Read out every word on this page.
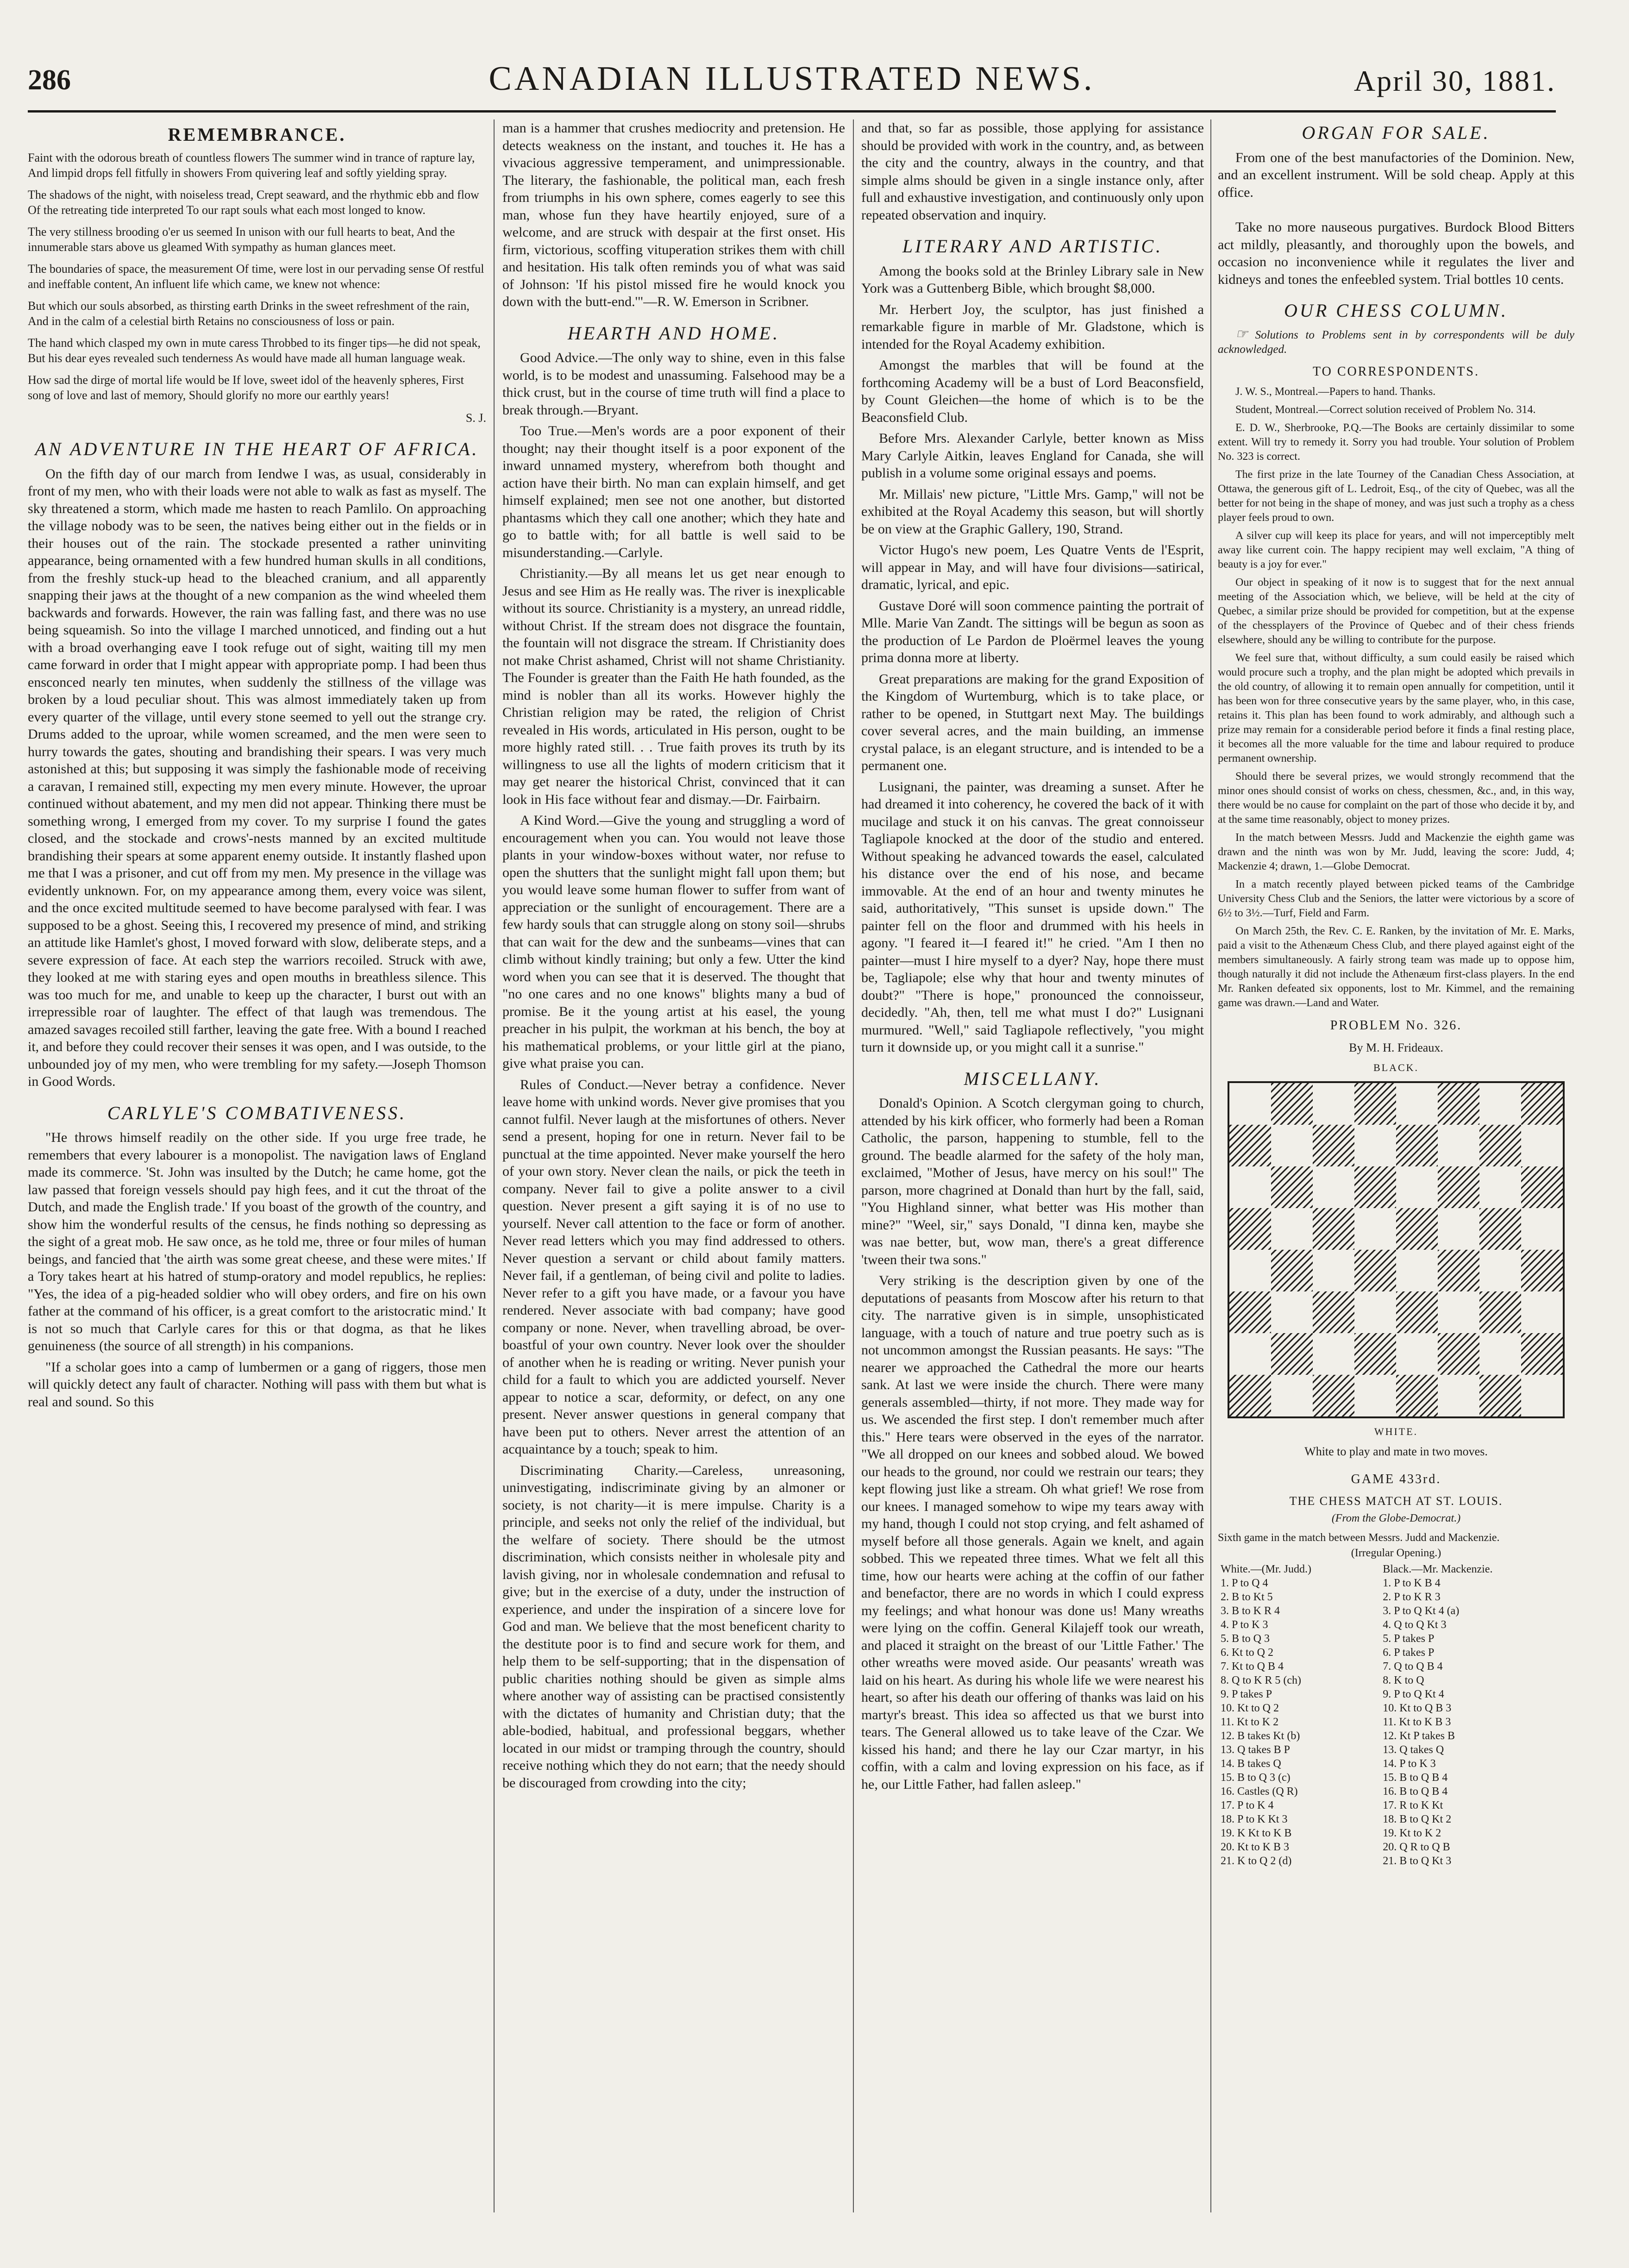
286	CANADIAN ILLUSTRATED NEWS.	April 30, 1881.
REMEMBRANCE.

Faint with the odorous breath of countless flowers The summer wind in trance of rapture lay, And limpid drops fell fitfully in showers From quivering leaf and softly yielding spray.

The shadows of the night, with noiseless tread, Crept seaward, and the rhythmic ebb and flow Of the retreating tide interpreted To our rapt souls what each most longed to know.

The very stillness brooding o'er us seemed In unison with our full hearts to beat, And the innumerable stars above us gleamed With sympathy as human glances meet.

The boundaries of space, the measurement Of time, were lost in our pervading sense Of restful and ineffable content, An influent life which came, we knew not whence:

But which our souls absorbed, as thirsting earth Drinks in the sweet refreshment of the rain, And in the calm of a celestial birth Retains no consciousness of loss or pain.

The hand which clasped my own in mute caress Throbbed to its finger tips—he did not speak, But his dear eyes revealed such tenderness As would have made all human language weak.

How sad the dirge of mortal life would be If love, sweet idol of the heavenly spheres, First song of love and last of memory, Should glorify no more our earthly years!

S. J.
AN ADVENTURE IN THE HEART OF AFRICA.

On the fifth day of our march from Iendwe I was, as usual, considerably in front of my men, who with their loads were not able to walk as fast as myself. The sky threatened a storm, which made me hasten to reach Pamlilo. On approaching the village nobody was to be seen, the natives being either out in the fields or in their houses out of the rain. The stockade presented a rather uninviting appearance, being ornamented with a few hundred human skulls in all conditions, from the freshly stuck-up head to the bleached cranium, and all apparently snapping their jaws at the thought of a new companion as the wind wheeled them backwards and forwards. However, the rain was falling fast, and there was no use being squeamish. So into the village I marched unnoticed, and finding out a hut with a broad overhanging eave I took refuge out of sight, waiting till my men came forward in order that I might appear with appropriate pomp. I had been thus ensconced nearly ten minutes, when suddenly the stillness of the village was broken by a loud peculiar shout. This was almost immediately taken up from every quarter of the village, until every stone seemed to yell out the strange cry. Drums added to the uproar, while women screamed, and the men were seen to hurry towards the gates, shouting and brandishing their spears. I was very much astonished at this; but supposing it was simply the fashionable mode of receiving a caravan, I remained still, expecting my men every minute. However, the uproar continued without abatement, and my men did not appear. Thinking there must be something wrong, I emerged from my cover. To my surprise I found the gates closed, and the stockade and crows'-nests manned by an excited multitude brandishing their spears at some apparent enemy outside. It instantly flashed upon me that I was a prisoner, and cut off from my men. My presence in the village was evidently unknown. For, on my appearance among them, every voice was silent, and the once excited multitude seemed to have become paralysed with fear. I was supposed to be a ghost. Seeing this, I recovered my presence of mind, and striking an attitude like Hamlet's ghost, I moved forward with slow, deliberate steps, and a severe expression of face. At each step the warriors recoiled. Struck with awe, they looked at me with staring eyes and open mouths in breathless silence. This was too much for me, and unable to keep up the character, I burst out with an irrepressible roar of laughter. The effect of that laugh was tremendous. The amazed savages recoiled still farther, leaving the gate free. With a bound I reached it, and before they could recover their senses it was open, and I was outside, to the unbounded joy of my men, who were trembling for my safety.—Joseph Thomson in Good Words.

CARLYLE'S COMBATIVENESS.

"He throws himself readily on the other side. If you urge free trade, he remembers that every labourer is a monopolist. The navigation laws of England made its commerce. 'St. John was insulted by the Dutch; he came home, got the law passed that foreign vessels should pay high fees, and it cut the throat of the Dutch, and made the English trade.' If you boast of the growth of the country, and show him the wonderful results of the census, he finds nothing so depressing as the sight of a great mob. He saw once, as he told me, three or four miles of human beings, and fancied that 'the airth was some great cheese, and these were mites.' If a Tory takes heart at his hatred of stump-oratory and model republics, he replies: "Yes, the idea of a pig-headed soldier who will obey orders, and fire on his own father at the command of his officer, is a great comfort to the aristocratic mind.' It is not so much that Carlyle cares for this or that dogma, as that he likes genuineness (the source of all strength) in his companions.

"If a scholar goes into a camp of lumbermen or a gang of riggers, those men will quickly detect any fault of character. Nothing will pass with them but what is real and sound. So this

man is a hammer that crushes mediocrity and pretension. He detects weakness on the instant, and touches it. He has a vivacious aggressive temperament, and unimpressionable. The literary, the fashionable, the political man, each fresh from triumphs in his own sphere, comes eagerly to see this man, whose fun they have heartily enjoyed, sure of a welcome, and are struck with despair at the first onset. His firm, victorious, scoffing vituperation strikes them with chill and hesitation. His talk often reminds you of what was said of Johnson: 'If his pistol missed fire he would knock you down with the butt-end.'"—R. W. Emerson in Scribner.

HEARTH AND HOME.

Good Advice.—The only way to shine, even in this false world, is to be modest and unassuming. Falsehood may be a thick crust, but in the course of time truth will find a place to break through.—Bryant.

Too True.—Men's words are a poor exponent of their thought; nay their thought itself is a poor exponent of the inward unnamed mystery, wherefrom both thought and action have their birth. No man can explain himself, and get himself explained; men see not one another, but distorted phantasms which they call one another; which they hate and go to battle with; for all battle is well said to be misunderstanding.—Carlyle.

Christianity.—By all means let us get near enough to Jesus and see Him as He really was. The river is inexplicable without its source. Christianity is a mystery, an unread riddle, without Christ. If the stream does not disgrace the fountain, the fountain will not disgrace the stream. If Christianity does not make Christ ashamed, Christ will not shame Christianity. The Founder is greater than the Faith He hath founded, as the mind is nobler than all its works. However highly the Christian religion may be rated, the religion of Christ revealed in His words, articulated in His person, ought to be more highly rated still. . . True faith proves its truth by its willingness to use all the lights of modern criticism that it may get nearer the historical Christ, convinced that it can look in His face without fear and dismay.—Dr. Fairbairn.

A Kind Word.—Give the young and struggling a word of encouragement when you can. You would not leave those plants in your window-boxes without water, nor refuse to open the shutters that the sunlight might fall upon them; but you would leave some human flower to suffer from want of appreciation or the sunlight of encouragement. There are a few hardy souls that can struggle along on stony soil—shrubs that can wait for the dew and the sunbeams—vines that can climb without kindly training; but only a few. Utter the kind word when you can see that it is deserved. The thought that "no one cares and no one knows" blights many a bud of promise. Be it the young artist at his easel, the young preacher in his pulpit, the workman at his bench, the boy at his mathematical problems, or your little girl at the piano, give what praise you can.

Rules of Conduct.—Never betray a confidence. Never leave home with unkind words. Never give promises that you cannot fulfil. Never laugh at the misfortunes of others. Never send a present, hoping for one in return. Never fail to be punctual at the time appointed. Never make yourself the hero of your own story. Never clean the nails, or pick the teeth in company. Never fail to give a polite answer to a civil question. Never present a gift saying it is of no use to yourself. Never call attention to the face or form of another. Never read letters which you may find addressed to others. Never question a servant or child about family matters. Never fail, if a gentleman, of being civil and polite to ladies. Never refer to a gift you have made, or a favour you have rendered. Never associate with bad company; have good company or none. Never, when travelling abroad, be over-boastful of your own country. Never look over the shoulder of another when he is reading or writing. Never punish your child for a fault to which you are addicted yourself. Never appear to notice a scar, deformity, or defect, on any one present. Never answer questions in general company that have been put to others. Never arrest the attention of an acquaintance by a touch; speak to him.

Discriminating Charity.—Careless, unreasoning, uninvestigating, indiscriminate giving by an almoner or society, is not charity—it is mere impulse. Charity is a principle, and seeks not only the relief of the individual, but the welfare of society. There should be the utmost discrimination, which consists neither in wholesale pity and lavish giving, nor in wholesale condemnation and refusal to give; but in the exercise of a duty, under the instruction of experience, and under the inspiration of a sincere love for God and man. We believe that the most beneficent charity to the destitute poor is to find and secure work for them, and help them to be self-supporting; that in the dispensation of public charities nothing should be given as simple alms where another way of assisting can be practised consistently with the dictates of humanity and Christian duty; that the able-bodied, habitual, and professional beggars, whether located in our midst or tramping through the country, should receive nothing which they do not earn; that the needy should be discouraged from crowding into the city;

and that, so far as possible, those applying for assistance should be provided with work in the country, and, as between the city and the country, always in the country, and that simple alms should be given in a single instance only, after full and exhaustive investigation, and continuously only upon repeated observation and inquiry.

LITERARY AND ARTISTIC.

Among the books sold at the Brinley Library sale in New York was a Guttenberg Bible, which brought $8,000.

Mr. Herbert Joy, the sculptor, has just finished a remarkable figure in marble of Mr. Gladstone, which is intended for the Royal Academy exhibition.

Amongst the marbles that will be found at the forthcoming Academy will be a bust of Lord Beaconsfield, by Count Gleichen—the home of which is to be the Beaconsfield Club.

Before Mrs. Alexander Carlyle, better known as Miss Mary Carlyle Aitkin, leaves England for Canada, she will publish in a volume some original essays and poems.

Mr. Millais' new picture, "Little Mrs. Gamp," will not be exhibited at the Royal Academy this season, but will shortly be on view at the Graphic Gallery, 190, Strand.

Victor Hugo's new poem, Les Quatre Vents de l'Esprit, will appear in May, and will have four divisions—satirical, dramatic, lyrical, and epic.

Gustave Doré will soon commence painting the portrait of Mlle. Marie Van Zandt. The sittings will be begun as soon as the production of Le Pardon de Ploërmel leaves the young prima donna more at liberty.

Great preparations are making for the grand Exposition of the Kingdom of Wurtemburg, which is to take place, or rather to be opened, in Stuttgart next May. The buildings cover several acres, and the main building, an immense crystal palace, is an elegant structure, and is intended to be a permanent one.

Lusignani, the painter, was dreaming a sunset. After he had dreamed it into coherency, he covered the back of it with mucilage and stuck it on his canvas. The great connoisseur Tagliapole knocked at the door of the studio and entered. Without speaking he advanced towards the easel, calculated his distance over the end of his nose, and became immovable. At the end of an hour and twenty minutes he said, authoritatively, "This sunset is upside down." The painter fell on the floor and drummed with his heels in agony. "I feared it—I feared it!" he cried. "Am I then no painter—must I hire myself to a dyer? Nay, hope there must be, Tagliapole; else why that hour and twenty minutes of doubt?" "There is hope," pronounced the connoisseur, decidedly. "Ah, then, tell me what must I do?" Lusignani murmured. "Well," said Tagliapole reflectively, "you might turn it downside up, or you might call it a sunrise."

MISCELLANY.

Donald's Opinion. A Scotch clergyman going to church, attended by his kirk officer, who formerly had been a Roman Catholic, the parson, happening to stumble, fell to the ground. The beadle alarmed for the safety of the holy man, exclaimed, "Mother of Jesus, have mercy on his soul!" The parson, more chagrined at Donald than hurt by the fall, said, "You Highland sinner, what better was His mother than mine?" "Weel, sir," says Donald, "I dinna ken, maybe she was nae better, but, wow man, there's a great difference 'tween their twa sons."

Very striking is the description given by one of the deputations of peasants from Moscow after his return to that city. The narrative given is in simple, unsophisticated language, with a touch of nature and true poetry such as is not uncommon amongst the Russian peasants. He says: "The nearer we approached the Cathedral the more our hearts sank. At last we were inside the church. There were many generals assembled—thirty, if not more. They made way for us. We ascended the first step. I don't remember much after this." Here tears were observed in the eyes of the narrator. "We all dropped on our knees and sobbed aloud. We bowed our heads to the ground, nor could we restrain our tears; they kept flowing just like a stream. Oh what grief! We rose from our knees. I managed somehow to wipe my tears away with my hand, though I could not stop crying, and felt ashamed of myself before all those generals. Again we knelt, and again sobbed. This we repeated three times. What we felt all this time, how our hearts were aching at the coffin of our father and benefactor, there are no words in which I could express my feelings; and what honour was done us! Many wreaths were lying on the coffin. General Kilajeff took our wreath, and placed it straight on the breast of our 'Little Father.' The other wreaths were moved aside. Our peasants' wreath was laid on his heart. As during his whole life we were nearest his heart, so after his death our offering of thanks was laid on his martyr's breast. This idea so affected us that we burst into tears. The General allowed us to take leave of the Czar. We kissed his hand; and there he lay our Czar martyr, in his coffin, with a calm and loving expression on his face, as if he, our Little Father, had fallen asleep."

ORGAN FOR SALE.

From one of the best manufactories of the Dominion. New, and an excellent instrument. Will be sold cheap. Apply at this office.

Take no more nauseous purgatives. Burdock Blood Bitters act mildly, pleasantly, and thoroughly upon the bowels, and occasion no inconvenience while it regulates the liver and kidneys and tones the enfeebled system. Trial bottles 10 cents.

OUR CHESS COLUMN.

☞ Solutions to Problems sent in by correspondents will be duly acknowledged.

TO CORRESPONDENTS.

J. W. S., Montreal.—Papers to hand. Thanks.

Student, Montreal.—Correct solution received of Problem No. 314.

E. D. W., Sherbrooke, P.Q.—The Books are certainly dissimilar to some extent. Will try to remedy it. Sorry you had trouble. Your solution of Problem No. 323 is correct.

The first prize in the late Tourney of the Canadian Chess Association, at Ottawa, the generous gift of L. Ledroit, Esq., of the city of Quebec, was all the better for not being in the shape of money, and was just such a trophy as a chess player feels proud to own.

A silver cup will keep its place for years, and will not imperceptibly melt away like current coin. The happy recipient may well exclaim, "A thing of beauty is a joy for ever."

Our object in speaking of it now is to suggest that for the next annual meeting of the Association which, we believe, will be held at the city of Quebec, a similar prize should be provided for competition, but at the expense of the chessplayers of the Province of Quebec and of their chess friends elsewhere, should any be willing to contribute for the purpose.

We feel sure that, without difficulty, a sum could easily be raised which would procure such a trophy, and the plan might be adopted which prevails in the old country, of allowing it to remain open annually for competition, until it has been won for three consecutive years by the same player, who, in this case, retains it. This plan has been found to work admirably, and although such a prize may remain for a considerable period before it finds a final resting place, it becomes all the more valuable for the time and labour required to produce permanent ownership.

Should there be several prizes, we would strongly recommend that the minor ones should consist of works on chess, chessmen, &c., and, in this way, there would be no cause for complaint on the part of those who decide it by, and at the same time reasonably, object to money prizes.

In the match between Messrs. Judd and Mackenzie the eighth game was drawn and the ninth was won by Mr. Judd, leaving the score: Judd, 4; Mackenzie 4; drawn, 1.—Globe Democrat.

In a match recently played between picked teams of the Cambridge University Chess Club and the Seniors, the latter were victorious by a score of 6½ to 3½.—Turf, Field and Farm.

On March 25th, the Rev. C. E. Ranken, by the invitation of Mr. E. Marks, paid a visit to the Athenæum Chess Club, and there played against eight of the members simultaneously. A fairly strong team was made up to oppose him, though naturally it did not include the Athenæum first-class players. In the end Mr. Ranken defeated six opponents, lost to Mr. Kimmel, and the remaining game was drawn.—Land and Water.

PROBLEM No. 326.
By M. H. Frideaux.
BLACK.
WHITE.
White to play and mate in two moves.
GAME 433rd.
THE CHESS MATCH AT ST. LOUIS.
(From the Globe-Democrat.)
Sixth game in the match between Messrs. Judd and Mackenzie.
(Irregular Opening.)
White.—(Mr. Judd.)	Black.—Mr. Mackenzie.
1. P to Q 4	1. P to K B 4
2. B to Kt 5	2. P to K R 3
3. B to K R 4	3. P to Q Kt 4 (a)
4. P to K 3	4. Q to Q Kt 3
5. B to Q 3	5. P takes P
6. Kt to Q 2	6. P takes P
7. Kt to Q B 4	7. Q to Q B 4
8. Q to K R 5 (ch)	8. K to Q
9. P takes P	9. P to Q Kt 4
10. Kt to Q 2	10. Kt to Q B 3
11. Kt to K 2	11. Kt to K B 3
12. B takes Kt (b)	12. Kt P takes B
13. Q takes B P	13. Q takes Q
14. B takes Q	14. P to K 3
15. B to Q 3 (c)	15. B to Q B 4
16. Castles (Q R)	16. B to Q B 4
17. P to K 4	17. R to K Kt
18. P to K Kt 3	18. B to Q Kt 2
19. K Kt to K B	19. Kt to K 2
20. Kt to K B 3	20. Q R to Q B
21. K to Q 2 (d)	21. B to Q Kt 3
